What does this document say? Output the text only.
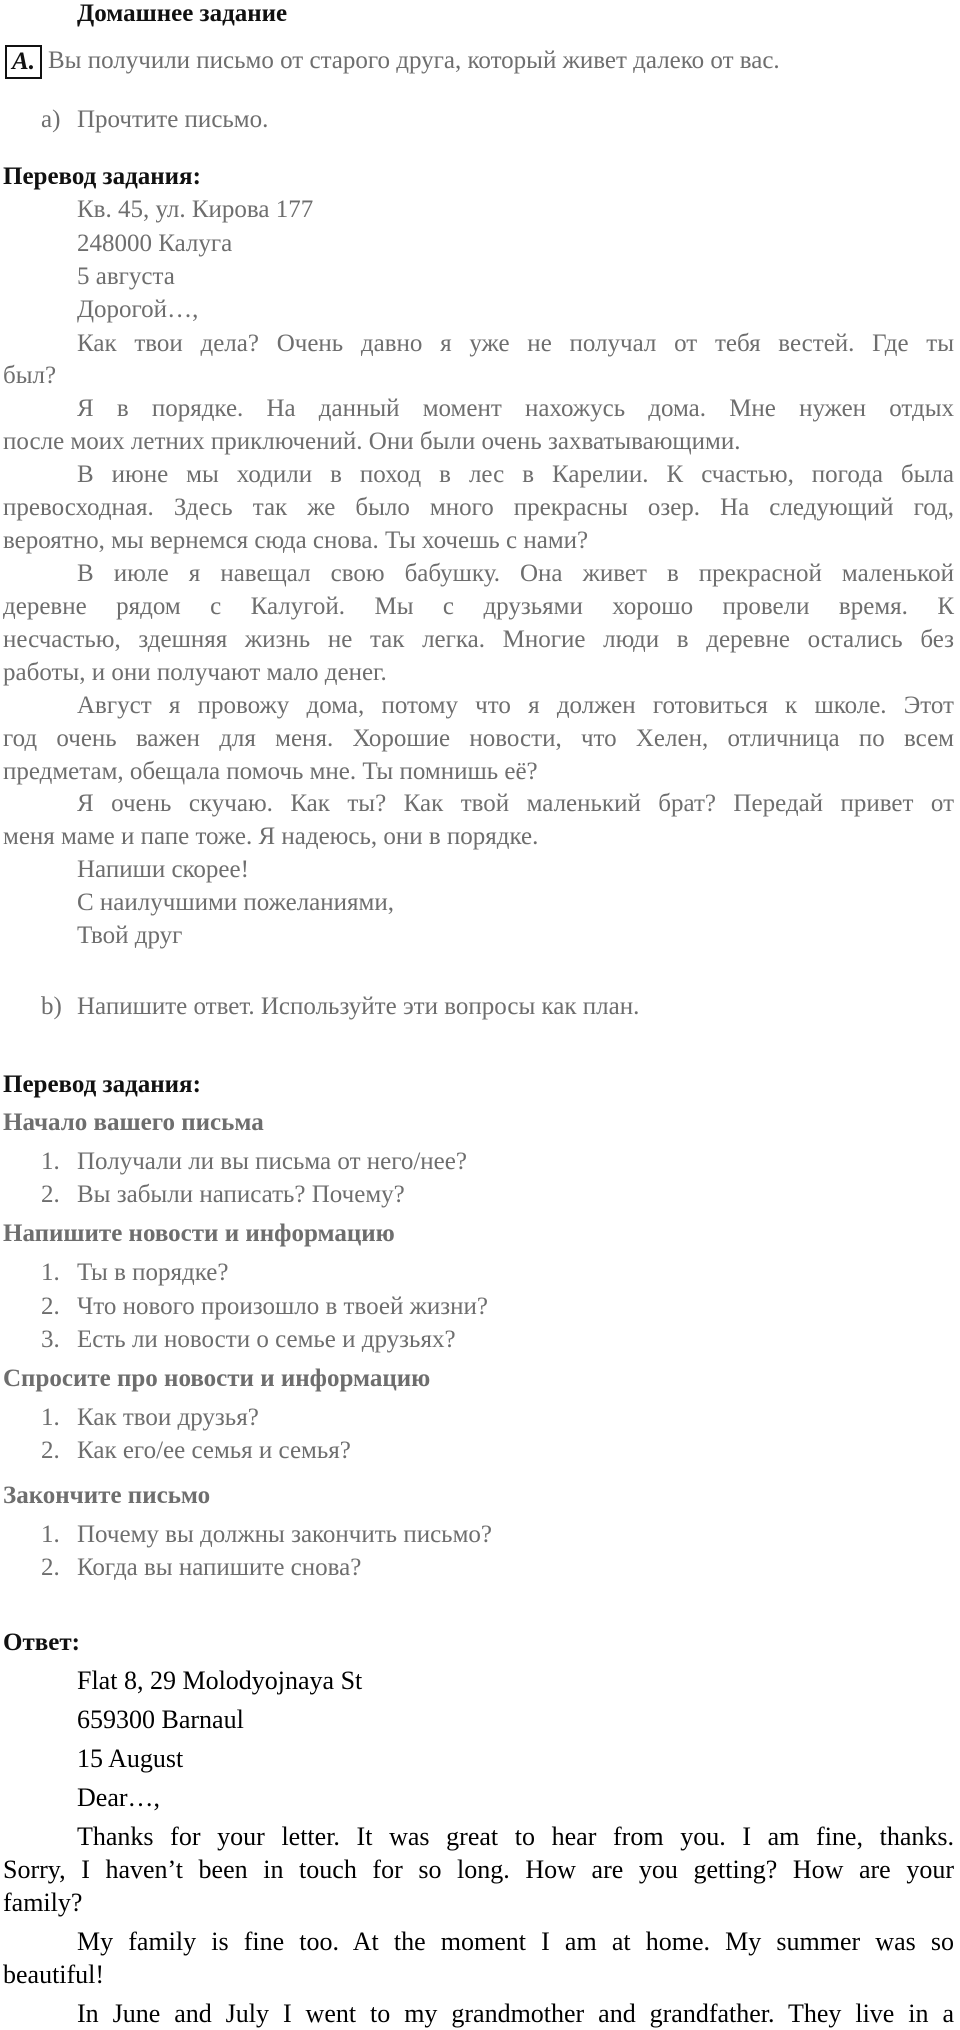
Домашнее задание
A. Вы получили письмо от старого друга, который живет далеко от вас.
a) Прочтите письмо.
Перевод задания:
Кв. 45, ул. Кирова 177
248000 Калуга
5 августа
Дорогой…,
Как твои дела? Очень давно я уже не получал от тебя вестей. Где ты
был?
Я в порядке. На данный момент нахожусь дома. Мне нужен отдых
после моих летних приключений. Они были очень захватывающими.
В июне мы ходили в поход в лес в Карелии. К счастью, погода была
превосходная. Здесь так же было много прекрасны озер. На следующий год,
вероятно, мы вернемся сюда снова. Ты хочешь с нами?
В июле я навещал свою бабушку. Она живет в прекрасной маленькой
деревне рядом с Калугой. Мы с друзьями хорошо провели время. К
несчастью, здешняя жизнь не так легка. Многие люди в деревне остались без
работы, и они получают мало денег.
Август я провожу дома, потому что я должен готовиться к школе. Этот
год очень важен для меня. Хорошие новости, что Хелен, отличница по всем
предметам, обещала помочь мне. Ты помнишь её?
Я очень скучаю. Как ты? Как твой маленький брат? Передай привет от
меня маме и папе тоже. Я надеюсь, они в порядке.
Напиши скорее!
С наилучшими пожеланиями,
Твой друг
b) Напишите ответ. Используйте эти вопросы как план.
Перевод задания:
Начало вашего письма
1. Получали ли вы письма от него/нее?
2. Вы забыли написать? Почему?
Напишите новости и информацию
1. Ты в порядке?
2. Что нового произошло в твоей жизни?
3. Есть ли новости о семье и друзьях?
Спросите про новости и информацию
1. Как твои друзья?
2. Как его/ее семья и семья?
Закончите письмо
1. Почему вы должны закончить письмо?
2. Когда вы напишите снова?
Ответ:
Flat 8, 29 Molodyojnaya St
659300 Barnaul
15 August
Dear…,
Thanks for your letter. It was great to hear from you. I am fine, thanks.
Sorry, I haven’t been in touch for so long. How are you getting? How are your
family?
My family is fine too. At the moment I am at home. My summer was so
beautiful!
In June and July I went to my grandmother and grandfather. They live in a
